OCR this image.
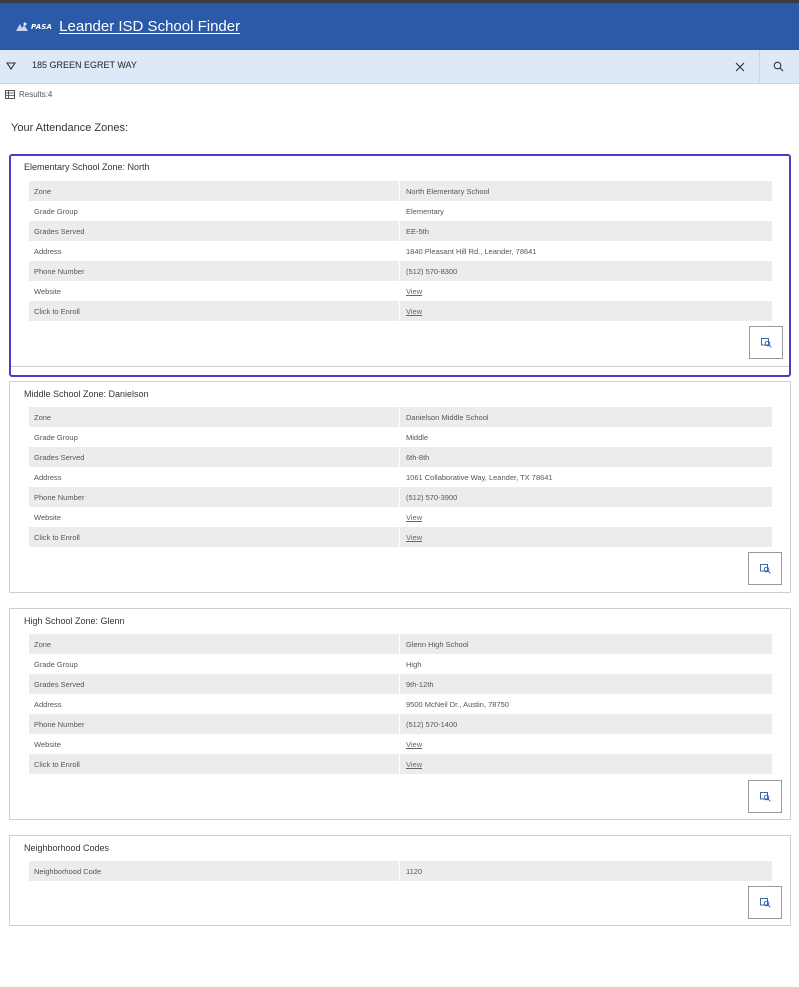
PASA Leander ISD School Finder
185 GREEN EGRET WAY
Results:4
Your Attendance Zones:
Elementary School Zone: North
Zone	North Elementary School
Grade Group	Elementary
Grades Served	EE-5th
Address	1840 Pleasant Hill Rd., Leander, 78641
Phone Number	(512) 570-8300
Website	View
Click to Enroll	View
Middle School Zone: Danielson
Zone	Danielson Middle School
Grade Group	Middle
Grades Served	6th-8th
Address	1061 Collaborative Way, Leander, TX 78641
Phone Number	(512) 570-3900
Website	View
Click to Enroll	View
High School Zone: Glenn
Zone	Glenn High School
Grade Group	High
Grades Served	9th-12th
Address	9500 McNeil Dr., Austin, 78750
Phone Number	(512) 570-1400
Website	View
Click to Enroll	View
Neighborhood Codes
Neighborhood Code	1120
